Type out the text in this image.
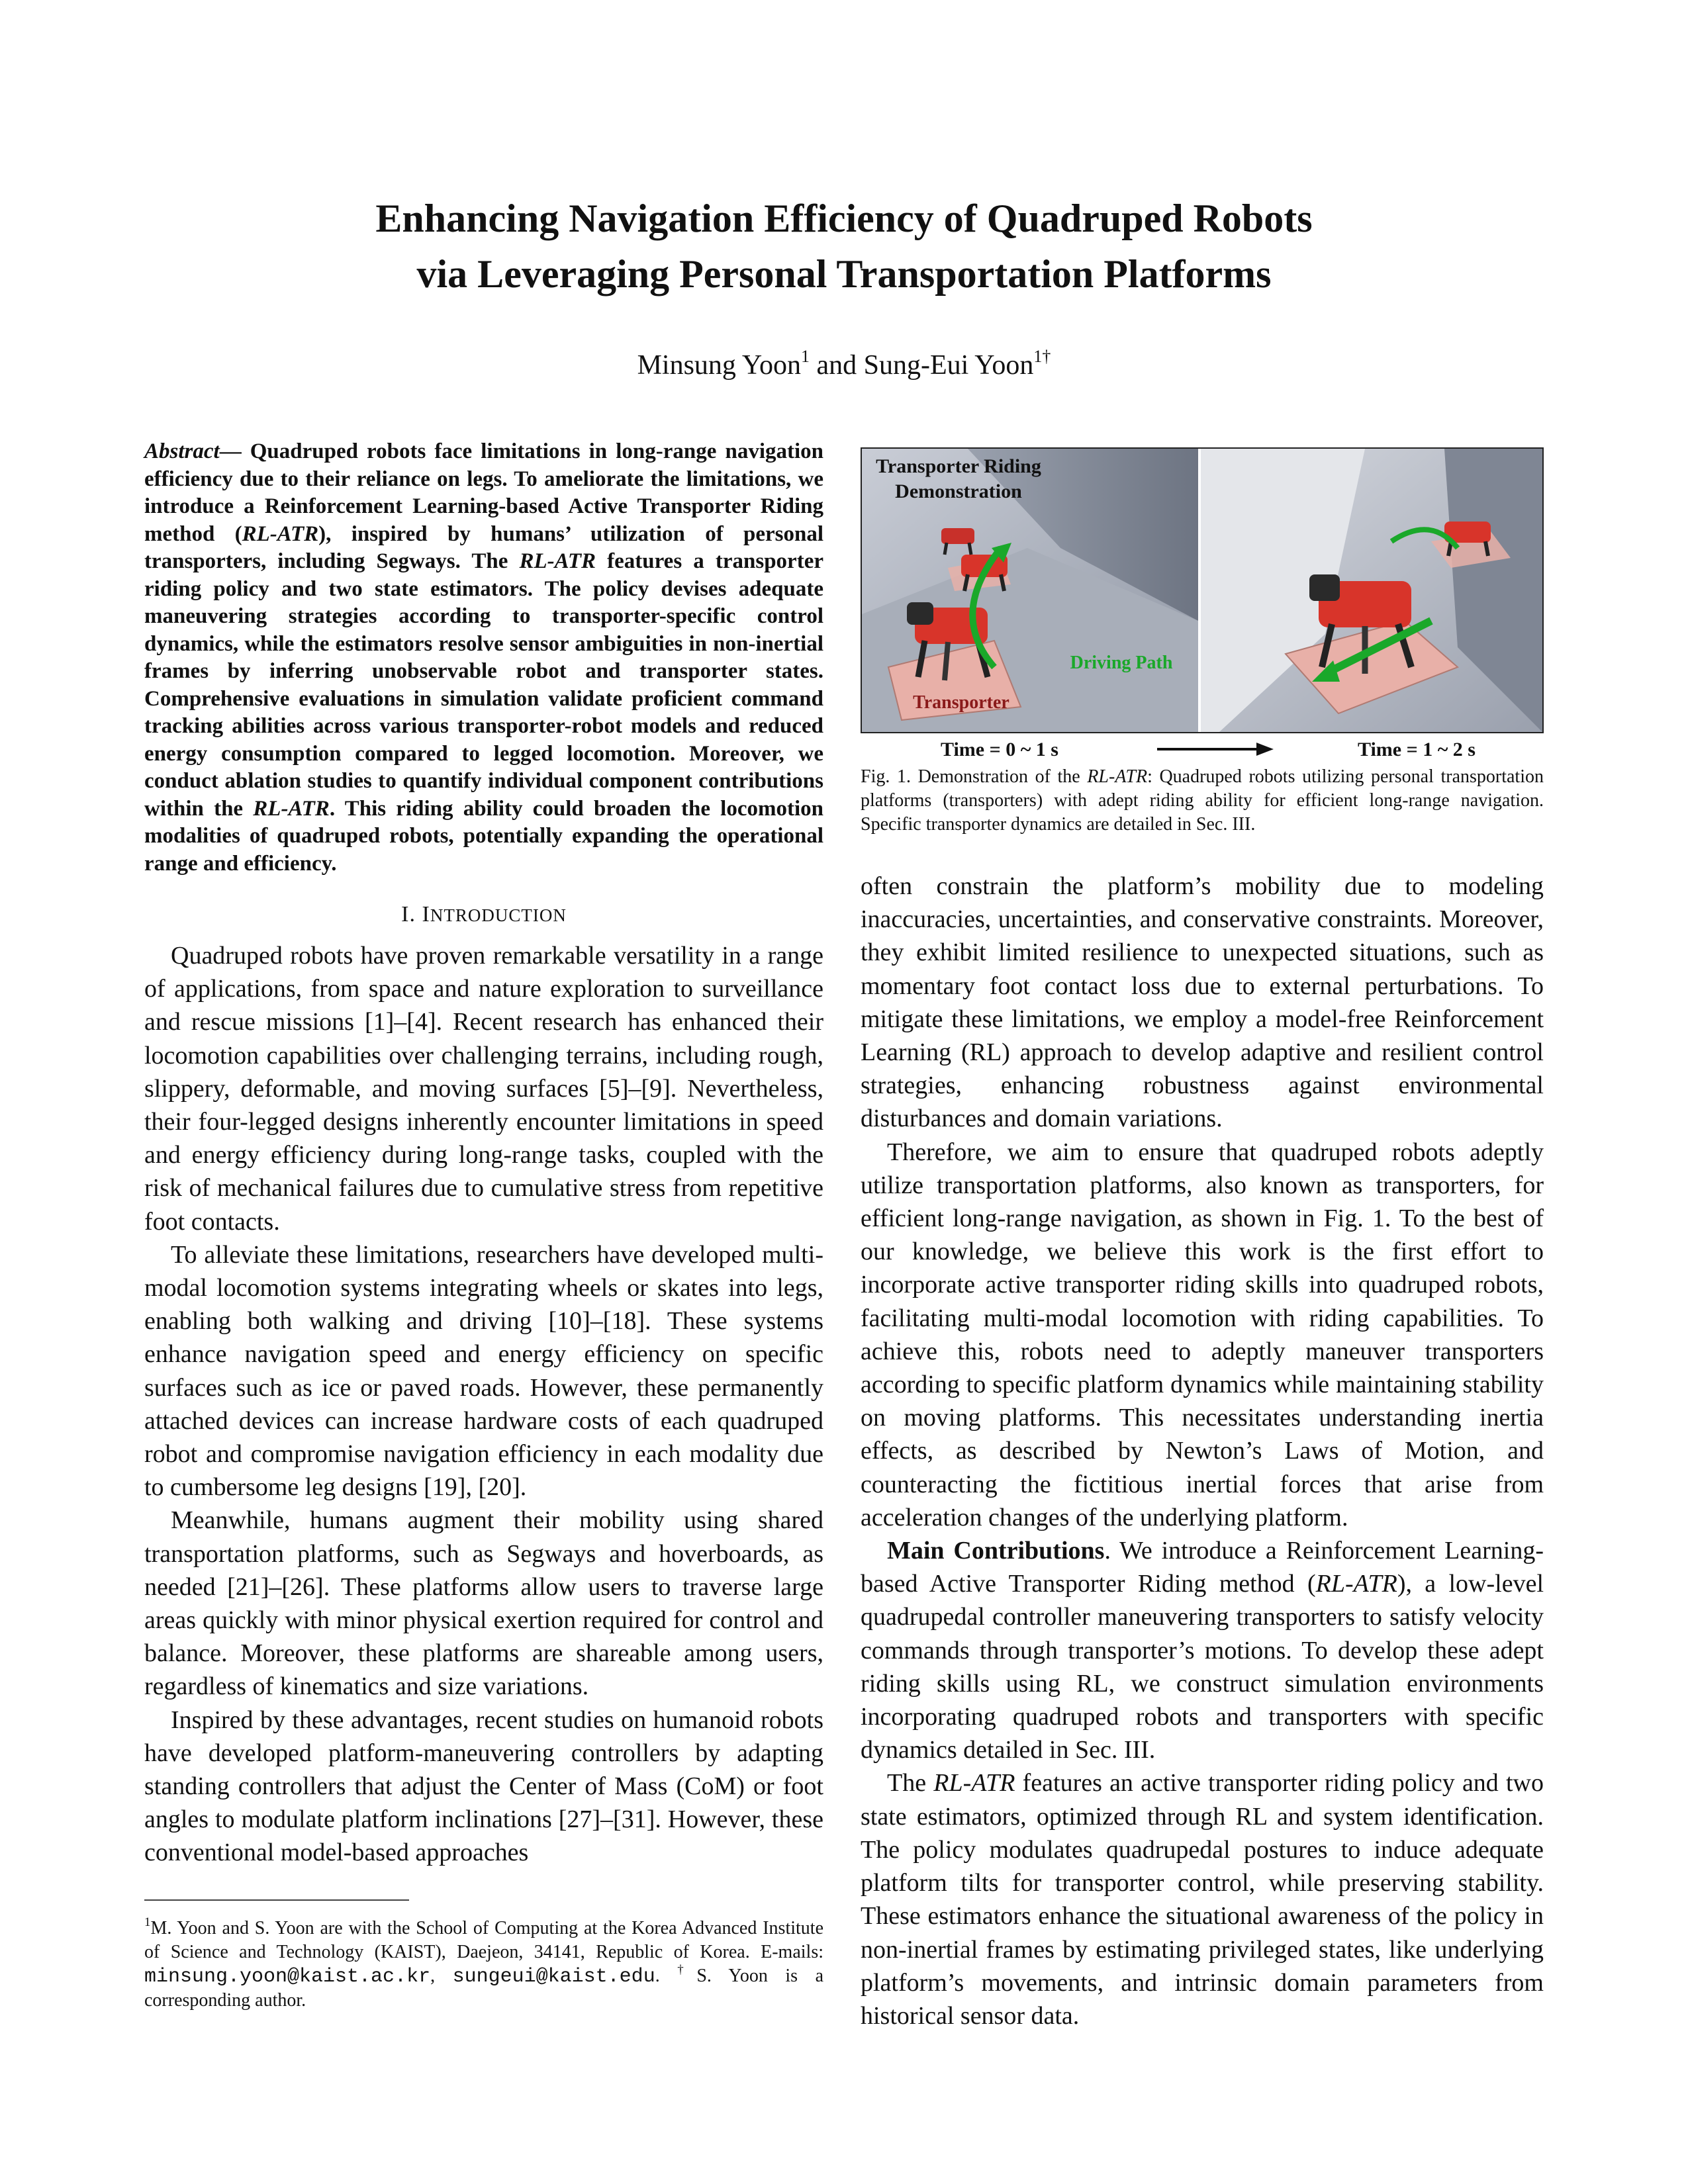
Enhancing Navigation Efficiency of Quadruped Robots
via Leveraging Personal Transportation Platforms
Minsung Yoon$^1$ and Sung-Eui Yoon$^{1\dagger}$

Abstract— Quadruped robots face limitations in long-range navigation efficiency due to their reliance on legs. To ameliorate the limitations, we introduce a Reinforcement Learning-based Active Transporter Riding method (RL-ATR), inspired by humans’ utilization of personal transporters, including Segways. The RL-ATR features a transporter riding policy and two state estimators. The policy devises adequate maneuvering strategies according to transporter-specific control dynamics, while the estimators resolve sensor ambiguities in non-inertial frames by inferring unobservable robot and transporter states. Comprehensive evaluations in simulation validate proficient command tracking abilities across various transporter-robot models and reduced energy consumption compared to legged locomotion. Moreover, we conduct ablation studies to quantify individual component contributions within the RL-ATR. This riding ability could broaden the locomotion modalities of quadruped robots, potentially expanding the operational range and efficiency.

I. INTRODUCTION

Quadruped robots have proven remarkable versatility in a range of applications, from space and nature exploration to surveillance and rescue missions [1]–[4]. Recent research has enhanced their locomotion capabilities over challenging terrains, including rough, slippery, deformable, and moving surfaces [5]–[9]. Nevertheless, their four-legged designs inherently encounter limitations in speed and energy efficiency during long-range tasks, coupled with the risk of mechanical failures due to cumulative stress from repetitive foot contacts.

To alleviate these limitations, researchers have developed multi-modal locomotion systems integrating wheels or skates into legs, enabling both walking and driving [10]–[18]. These systems enhance navigation speed and energy efficiency on specific surfaces such as ice or paved roads. However, these permanently attached devices can increase hardware costs of each quadruped robot and compromise navigation efficiency in each modality due to cumbersome leg designs [19], [20].

Meanwhile, humans augment their mobility using shared transportation platforms, such as Segways and hoverboards, as needed [21]–[26]. These platforms allow users to traverse large areas quickly with minor physical exertion required for control and balance. Moreover, these platforms are shareable among users, regardless of kinematics and size variations.

Inspired by these advantages, recent studies on humanoid robots have developed platform-maneuvering controllers by adapting standing controllers that adjust the Center of Mass (CoM) or foot angles to modulate platform inclinations [27]–[31]. However, these conventional model-based approaches

$^1$M. Yoon and S. Yoon are with the School of Computing at the Korea Advanced Institute of Science and Technology (KAIST), Daejeon, 34141, Republic of Korea. E-mails: minsung.yoon@kaist.ac.kr, sungeui@kaist.edu. †S. Yoon is a corresponding author.
Transporter Riding
Demonstration
Driving Path
Transporter
Time = 0 ~ 1 s	Time = 1 ~ 2 s
Fig. 1. Demonstration of the RL-ATR: Quadruped robots utilizing personal transportation platforms (transporters) with adept riding ability for efficient long-range navigation. Specific transporter dynamics are detailed in Sec. III.

often constrain the platform’s mobility due to modeling inaccuracies, uncertainties, and conservative constraints. Moreover, they exhibit limited resilience to unexpected situations, such as momentary foot contact loss due to external perturbations. To mitigate these limitations, we employ a model-free Reinforcement Learning (RL) approach to develop adaptive and resilient control strategies, enhancing robustness against environmental disturbances and domain variations.

Therefore, we aim to ensure that quadruped robots adeptly utilize transportation platforms, also known as transporters, for efficient long-range navigation, as shown in Fig. 1. To the best of our knowledge, we believe this work is the first effort to incorporate active transporter riding skills into quadruped robots, facilitating multi-modal locomotion with riding capabilities. To achieve this, robots need to adeptly maneuver transporters according to specific platform dynamics while maintaining stability on moving platforms. This necessitates understanding inertia effects, as described by Newton’s Laws of Motion, and counteracting the fictitious inertial forces that arise from acceleration changes of the underlying platform.

Main Contributions. We introduce a Reinforcement Learning-based Active Transporter Riding method (RL-ATR), a low-level quadrupedal controller maneuvering transporters to satisfy velocity commands through transporter’s motions. To develop these adept riding skills using RL, we construct simulation environments incorporating quadruped robots and transporters with specific dynamics detailed in Sec. III.

The RL-ATR features an active transporter riding policy and two state estimators, optimized through RL and system identification. The policy modulates quadrupedal postures to induce adequate platform tilts for transporter control, while preserving stability. These estimators enhance the situational awareness of the policy in non-inertial frames by estimating privileged states, like underlying platform’s movements, and intrinsic domain parameters from historical sensor data.
